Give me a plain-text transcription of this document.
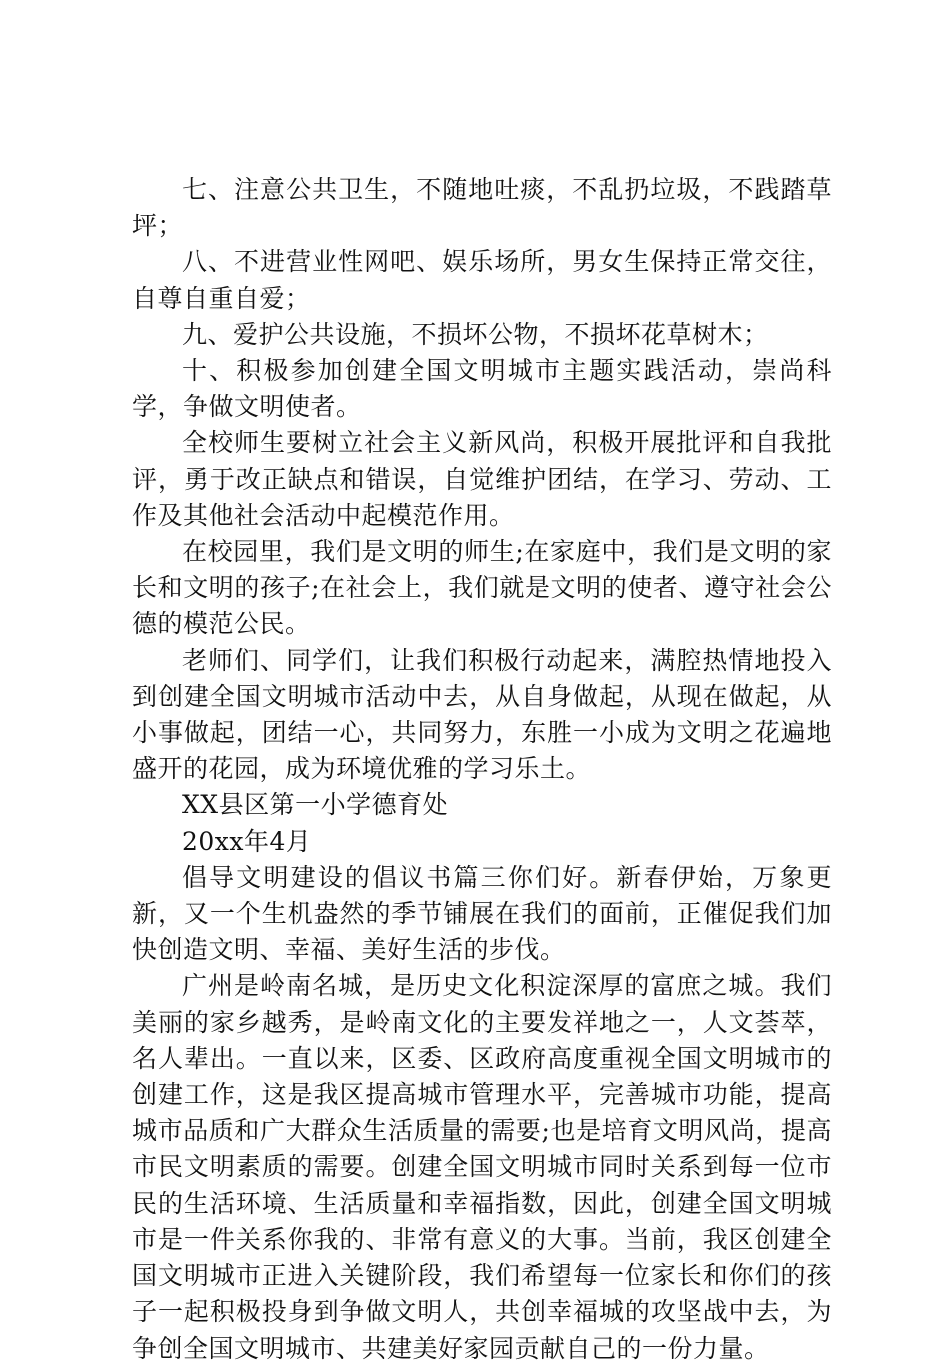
七、注意公共卫生，不随地吐痰，不乱扔垃圾，不践踏草坪；

八、不进营业性网吧、娱乐场所，男女生保持正常交往，自尊自重自爱；

九、爱护公共设施，不损坏公物，不损坏花草树木；

十、积极参加创建全国文明城市主题实践活动，崇尚科学，争做文明使者。

全校师生要树立社会主义新风尚，积极开展批评和自我批评，勇于改正缺点和错误，自觉维护团结，在学习、劳动、工作及其他社会活动中起模范作用。

在校园里，我们是文明的师生;在家庭中，我们是文明的家长和文明的孩子;在社会上，我们就是文明的使者、遵守社会公德的模范公民。

老师们、同学们，让我们积极行动起来，满腔热情地投入到创建全国文明城市活动中去，从自身做起，从现在做起，从小事做起，团结一心，共同努力，东胜一小成为文明之花遍地盛开的花园，成为环境优雅的学习乐土。

XX县区第一小学德育处

20xx年4月

倡导文明建设的倡议书篇三你们好。新春伊始，万象更新，又一个生机盎然的季节铺展在我们的面前，正催促我们加快创造文明、幸福、美好生活的步伐。

广州是岭南名城，是历史文化积淀深厚的富庶之城。我们美丽的家乡越秀，是岭南文化的主要发祥地之一，人文荟萃，名人辈出。一直以来，区委、区政府高度重视全国文明城市的创建工作，这是我区提高城市管理水平，完善城市功能，提高城市品质和广大群众生活质量的需要;也是培育文明风尚，提高市民文明素质的需要。创建全国文明城市同时关系到每一位市民的生活环境、生活质量和幸福指数，因此，创建全国文明城市是一件关系你我的、非常有意义的大事。当前，我区创建全国文明城市正进入关键阶段，我们希望每一位家长和你们的孩子一起积极投身到争做文明人，共创幸福城的攻坚战中去，为争创全国文明城市、共建美好家园贡献自己的一份力量。
